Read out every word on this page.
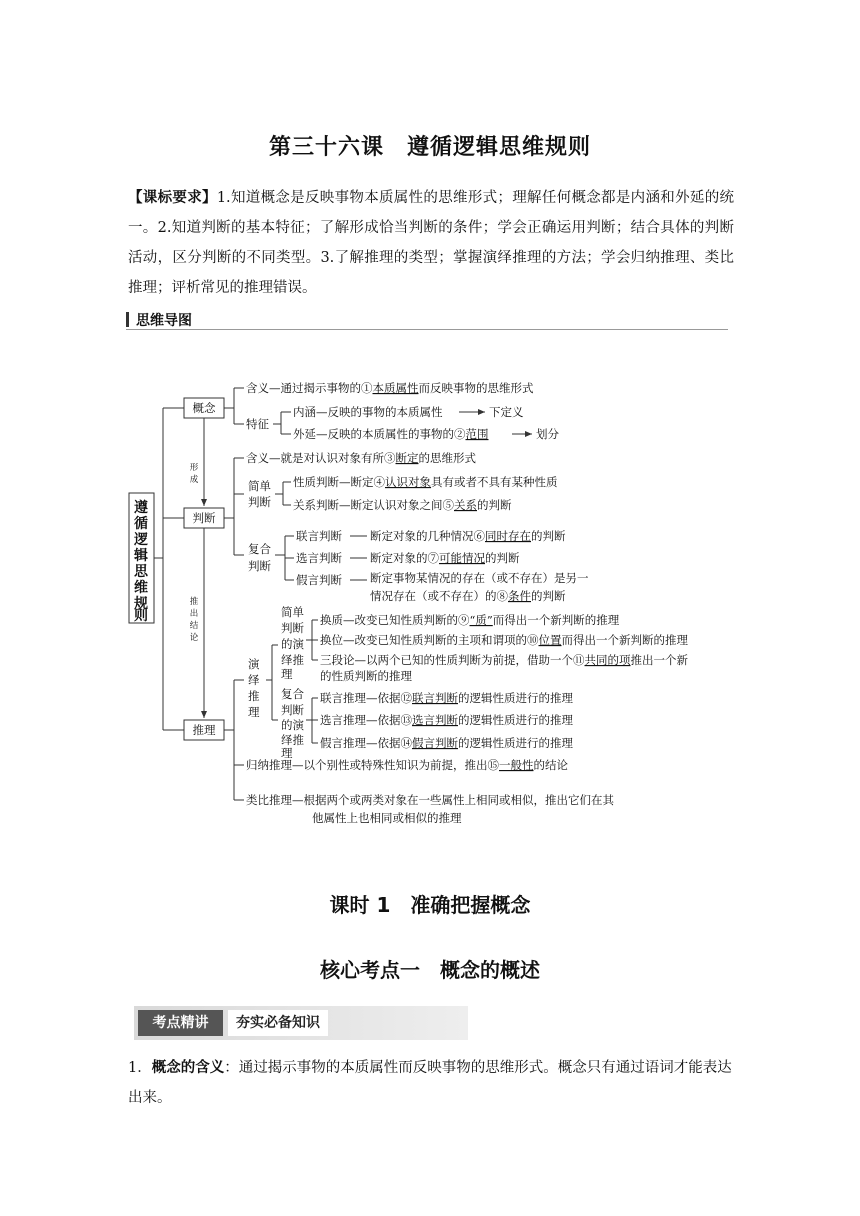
第三十六课　遵循逻辑思维规则
【课标要求】1.知道概念是反映事物本质属性的思维形式；理解任何概念都是内涵和外延的统一。2.知道判断的基本特征；了解形成恰当判断的条件；学会正确运用判断；结合具体的判断活动，区分判断的不同类型。3.了解推理的类型；掌握演绎推理的方法；学会归纳推理、类比推理；评析常见的推理错误。
思维导图
遵
循
逻
辑
思
维
规
则
概念
判断
推理
形
成
推
出
结
论
含义—通过揭示事物的①本质属性而反映事物的思维形式
特征
内涵—反映的事物的本质属性	下定义
外延—反映的本质属性的事物的②范围	划分
含义—就是对认识对象有所③断定的思维形式
简单
判断
性质判断—断定④认识对象具有或者不具有某种性质
关系判断—断定认识对象之间⑤关系的判断
复合
判断
联言判断 断定对象的几种情况⑥同时存在的判断
选言判断 断定对象的⑦可能情况的判断
假言判断 断定事物某情况的存在（或不存在）是另一
情况存在（或不存在）的⑧条件的判断
演
绎
推
理
简单
判断
的演
绎推
理
复合
判断
的演
绎推
理
换质—改变已知性质判断的⑨“质”而得出一个新判断的推理
换位—改变已知性质判断的主项和谓项的⑩位置而得出一个新判断的推理
三段论—以两个已知的性质判断为前提，借助一个⑪共同的项推出一个新
的性质判断的推理
联言推理—依据⑫联言判断的逻辑性质进行的推理
选言推理—依据⑬选言判断的逻辑性质进行的推理
假言推理—依据⑭假言判断的逻辑性质进行的推理
归纳推理—以个别性或特殊性知识为前提，推出⑮一般性的结论
类比推理—根据两个或两类对象在一些属性上相同或相似，推出它们在其
他属性上也相同或相似的推理
课时 1　准确把握概念
核心考点一　概念的概述
考点精讲	夯实必备知识
1．概念的含义：通过揭示事物的本质属性而反映事物的思维形式。概念只有通过语词才能表达出来。
